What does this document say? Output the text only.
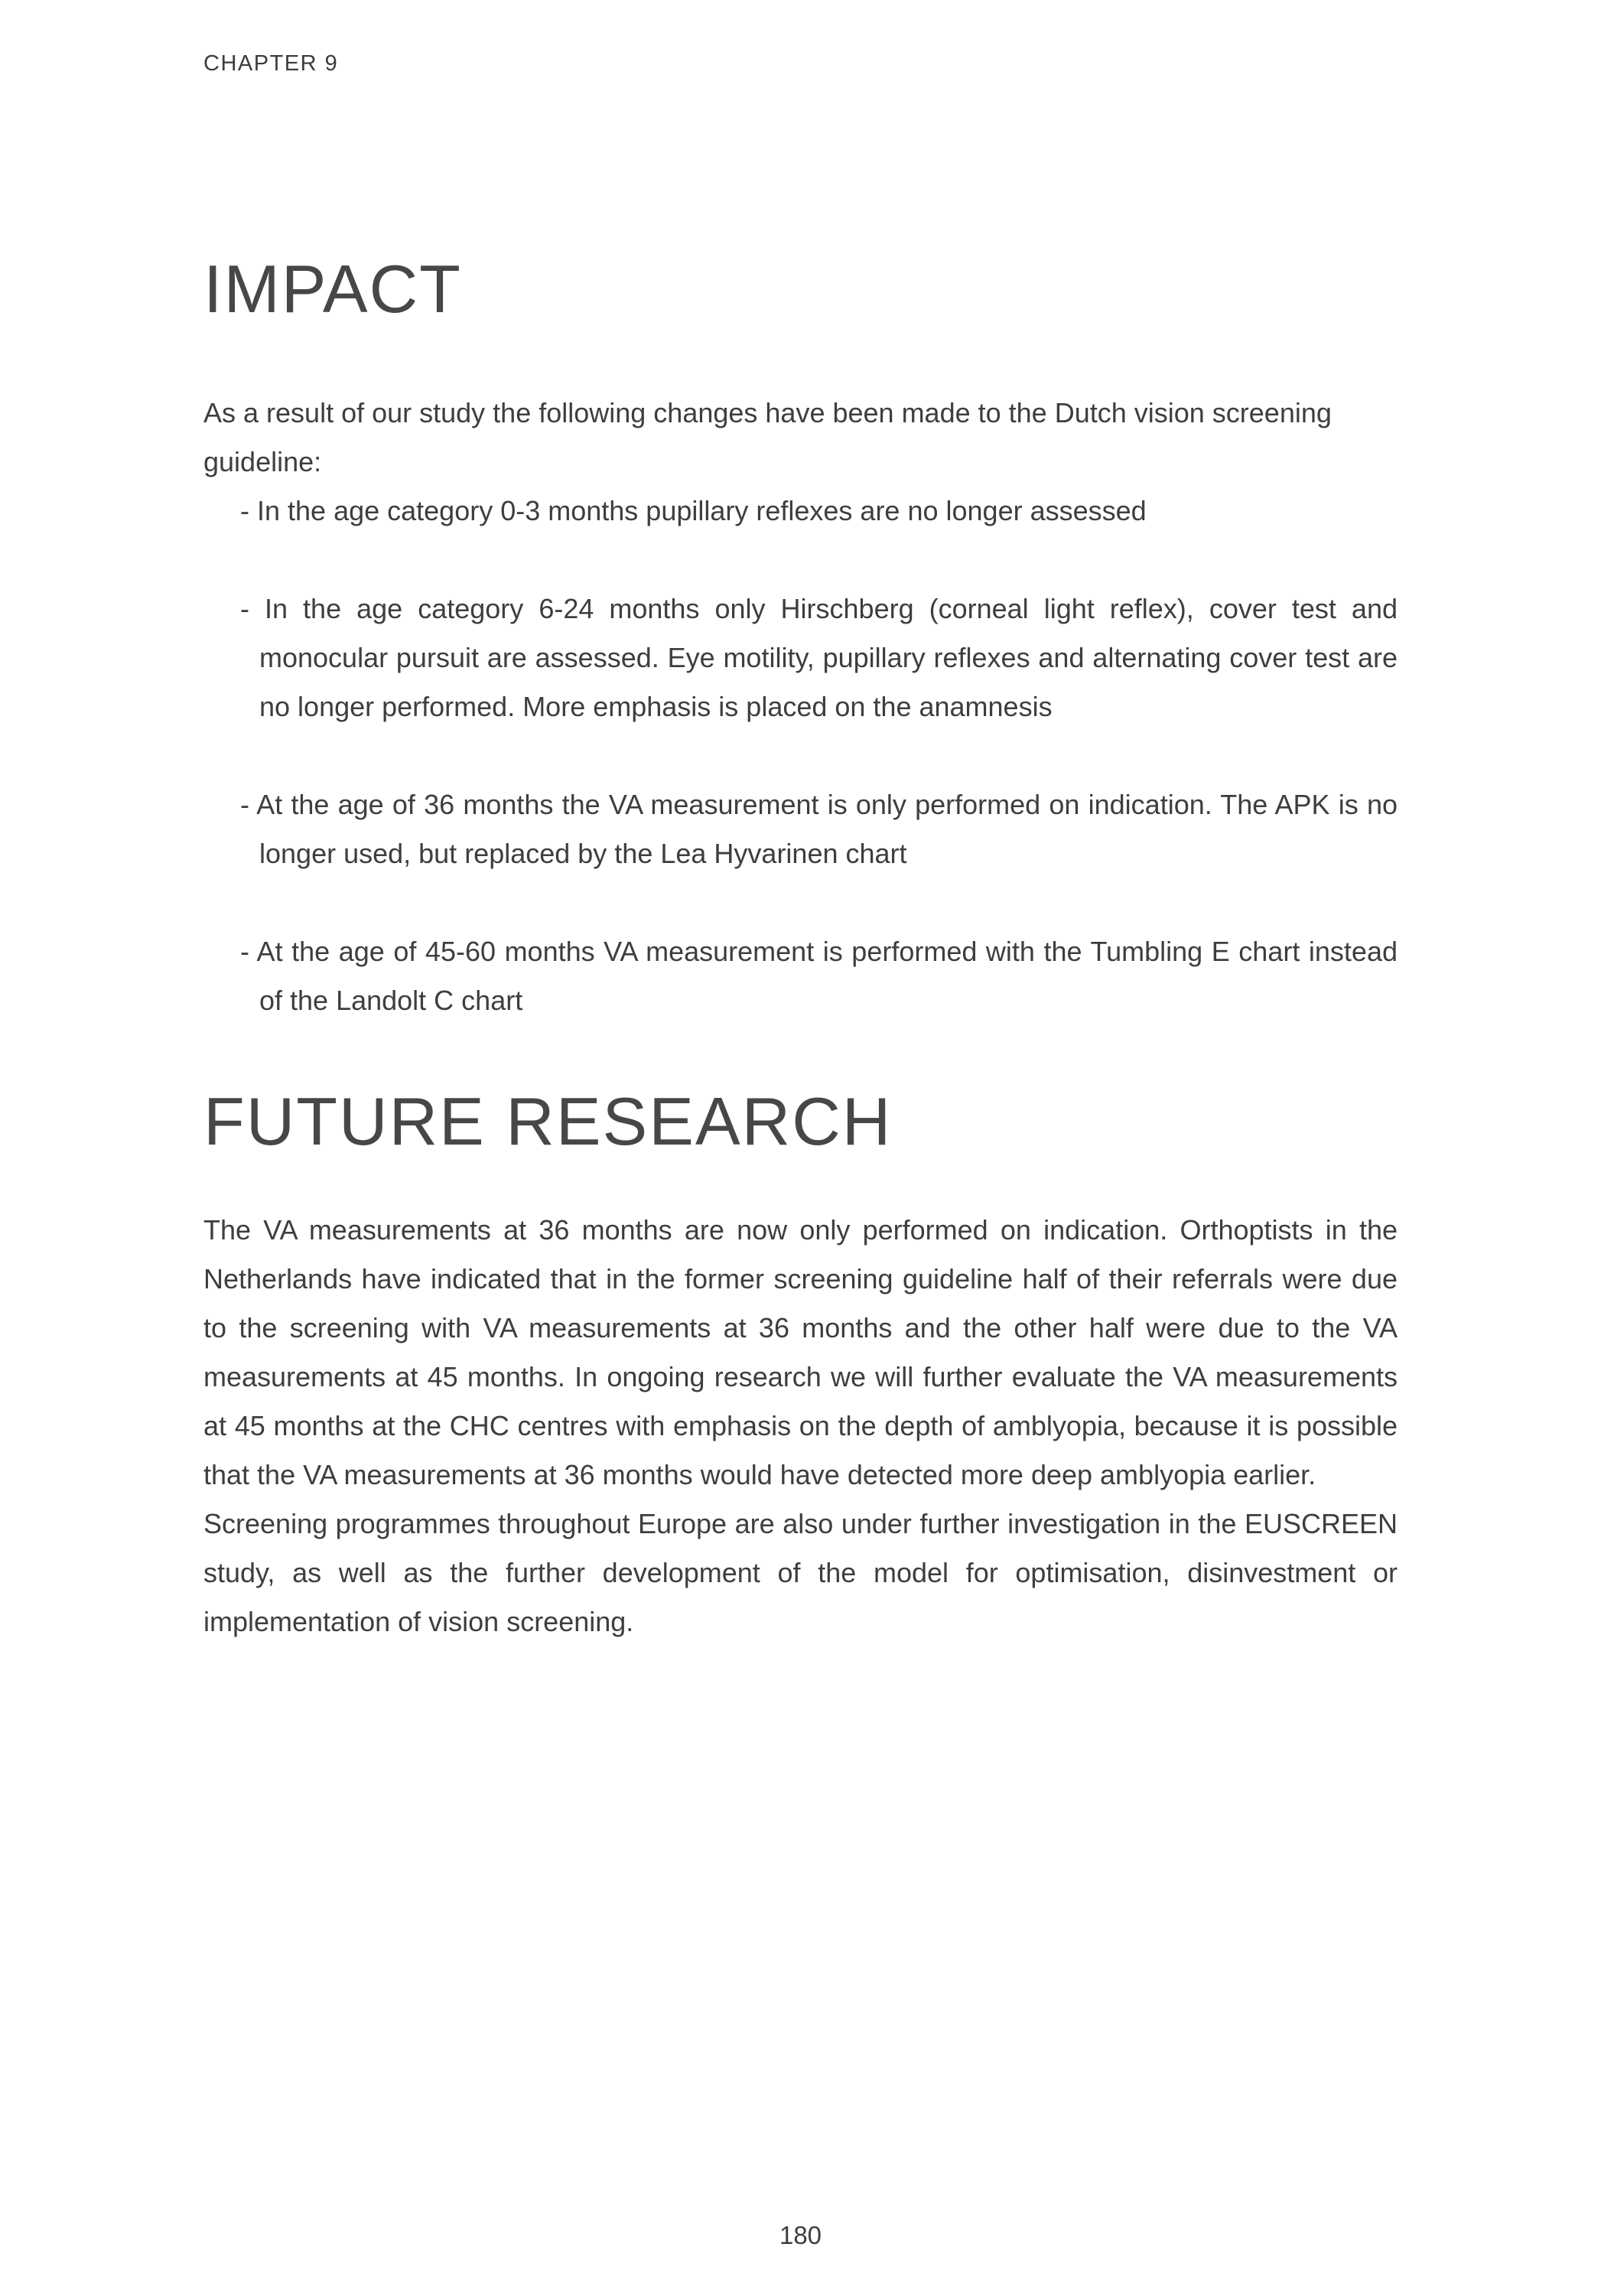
CHAPTER 9
IMPACT

As a result of our study the following changes have been made to the Dutch vision screening guideline:

- In the age category 0-3 months pupillary reflexes are no longer assessed
- In the age category 6-24 months only Hirschberg (corneal light reflex), cover test and monocular pursuit are assessed. Eye motility, pupillary reflexes and alternating cover test are no longer performed. More emphasis is placed on the anamnesis
- At the age of 36 months the VA measurement is only performed on indication. The APK is no longer used, but replaced by the Lea Hyvarinen chart
- At the age of 45-60 months VA measurement is performed with the Tumbling E chart instead of the Landolt C chart
FUTURE RESEARCH

The VA measurements at 36 months are now only performed on indication. Orthoptists in the Netherlands have indicated that in the former screening guideline half of their referrals were due to the screening with VA measurements at 36 months and the other half were due to the VA measurements at 45 months. In ongoing research we will further evaluate the VA measurements at 45 months at the CHC centres with emphasis on the depth of amblyopia, because it is possible that the VA measurements at 36 months would have detected more deep amblyopia earlier.

Screening programmes throughout Europe are also under further investigation in the EUSCREEN study, as well as the further development of the model for optimisation, disinvestment or implementation of vision screening.

180
